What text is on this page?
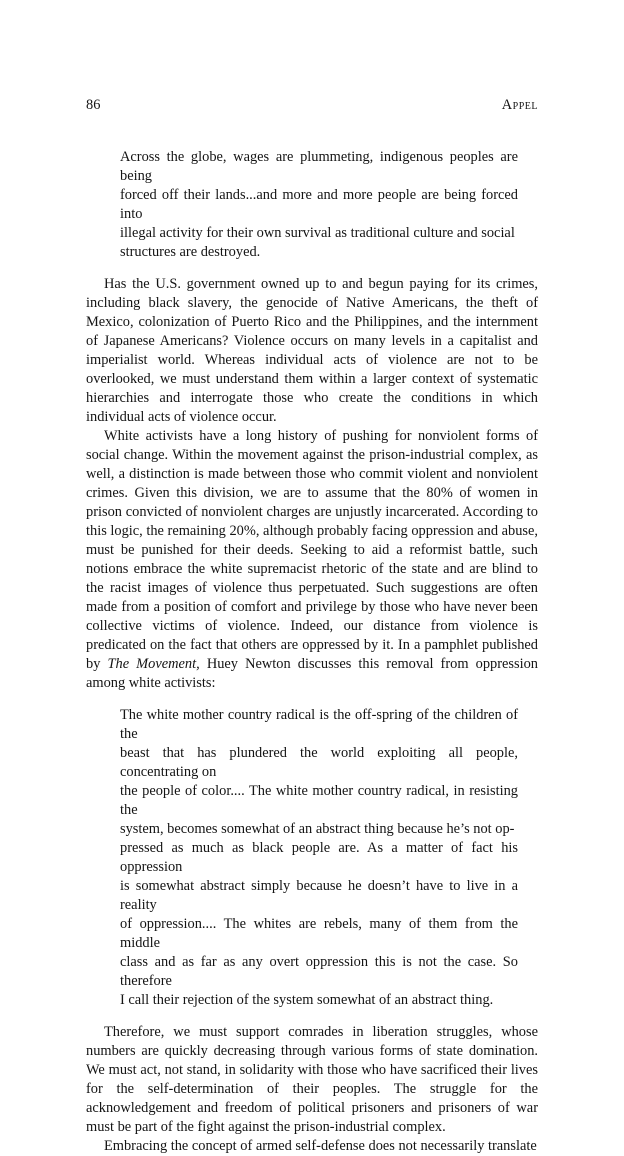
86	Appel
Across the globe, wages are plummeting, indigenous peoples are being
forced off their lands...and more and more people are being forced into
illegal activity for their own survival as traditional culture and social
structures are destroyed.

Has the U.S. government owned up to and begun paying for its crimes, including black slavery, the genocide of Native Americans, the theft of Mexico, colonization of Puerto Rico and the Philippines, and the internment of Japanese Americans? Violence occurs on many levels in a capitalist and imperialist world. Whereas individual acts of violence are not to be overlooked, we must understand them within a larger context of systematic hierarchies and interrogate those who create the conditions in which individual acts of violence occur.

White activists have a long history of pushing for nonviolent forms of social change. Within the movement against the prison-industrial complex, as well, a distinction is made between those who commit violent and nonviolent crimes. Given this division, we are to assume that the 80% of women in prison convicted of nonviolent charges are unjustly incarcerated. According to this logic, the remaining 20%, although probably facing oppression and abuse, must be punished for their deeds. Seeking to aid a reformist battle, such notions embrace the white supremacist rhetoric of the state and are blind to the racist images of violence thus perpetuated. Such suggestions are often made from a position of comfort and privilege by those who have never been collective victims of violence. Indeed, our distance from violence is predicated on the fact that others are oppressed by it. In a pamphlet published by The Movement, Huey Newton discusses this removal from oppression among white activists:

The white mother country radical is the off-spring of the children of the
beast that has plundered the world exploiting all people, concentrating on
the people of color.... The white mother country radical, in resisting the
system, becomes somewhat of an abstract thing because he’s not op-
pressed as much as black people are. As a matter of fact his oppression
is somewhat abstract simply because he doesn’t have to live in a reality
of oppression.... The whites are rebels, many of them from the middle
class and as far as any overt oppression this is not the case. So therefore
I call their rejection of the system somewhat of an abstract thing.

Therefore, we must support comrades in liberation struggles, whose numbers are quickly decreasing through various forms of state domination. We must act, not stand, in solidarity with those who have sacrificed their lives for the self-determination of their peoples. The struggle for the acknowledgement and freedom of political prisoners and prisoners of war must be part of the fight against the prison-industrial complex.

Embracing the concept of armed self-defense does not necessarily translate
